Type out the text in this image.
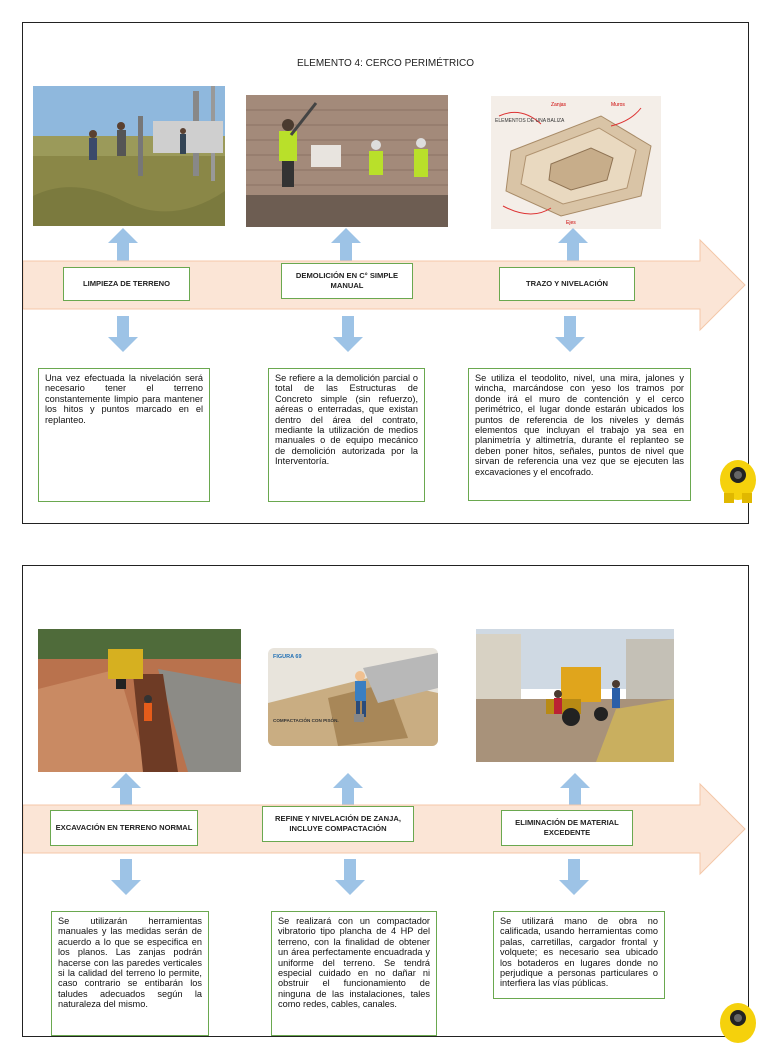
ELEMENTO 4: CERCO PERIMÉTRICO
ELEMENTOS DE UNA BALIZA
Zanjas	Muros
Ejes
LIMPIEZA DE TERRENO
DEMOLICIÓN EN C° SIMPLE MANUAL	TRAZO Y NIVELACIÓN
Una vez efectuada la nivelación será necesario tener el terreno constantemente limpio para mantener los hitos y puntos marcado en el replanteo.
Se refiere a la demolición parcial o total de las Estructuras de Concreto simple (sin refuerzo), aéreas o enterradas, que existan dentro del área del contrato, mediante la utilización de medios manuales o de equipo mecánico de demolición autorizada por la Interventoría.
Se utiliza el teodolito, nivel, una mira, jalones y wincha, marcándose con yeso los tramos por donde irá el muro de contención y el cerco perimétrico, el lugar donde estarán ubicados los puntos de referencia de los niveles y demás elementos que incluyan el trabajo ya sea en planimetría y altimetría, durante el replanteo se deben poner hitos, señales, puntos de nivel que sirvan de referencia una vez que se ejecuten las excavaciones y el encofrado.
FIGURA 69
COMPACTACIÓN CON PISÓN.
EXCAVACIÓN EN TERRENO NORMAL
REFINE Y NIVELACIÓN DE ZANJA, INCLUYE COMPACTACIÓN
ELIMINACIÓN DE MATERIAL EXCEDENTE
Se utilizarán herramientas manuales y las medidas serán de acuerdo a lo que se especifica en los planos. Las zanjas podrán hacerse con las paredes verticales si la calidad del terreno lo permite, caso contrario se entibarán los taludes adecuados según la naturaleza del mismo.
Se realizará con un compactador vibratorio tipo plancha de 4 HP del terreno, con la finalidad de obtener un área perfectamente encuadrada y uniforme del terreno. Se tendrá especial cuidado en no dañar ni obstruir el funcionamiento de ninguna de las instalaciones, tales como redes, cables, canales.
Se utilizará mano de obra no calificada, usando herramientas como palas, carretillas, cargador frontal y volquete; es necesario sea ubicado los botaderos en lugares donde no perjudique a personas particulares o interfiera las vías públicas.
